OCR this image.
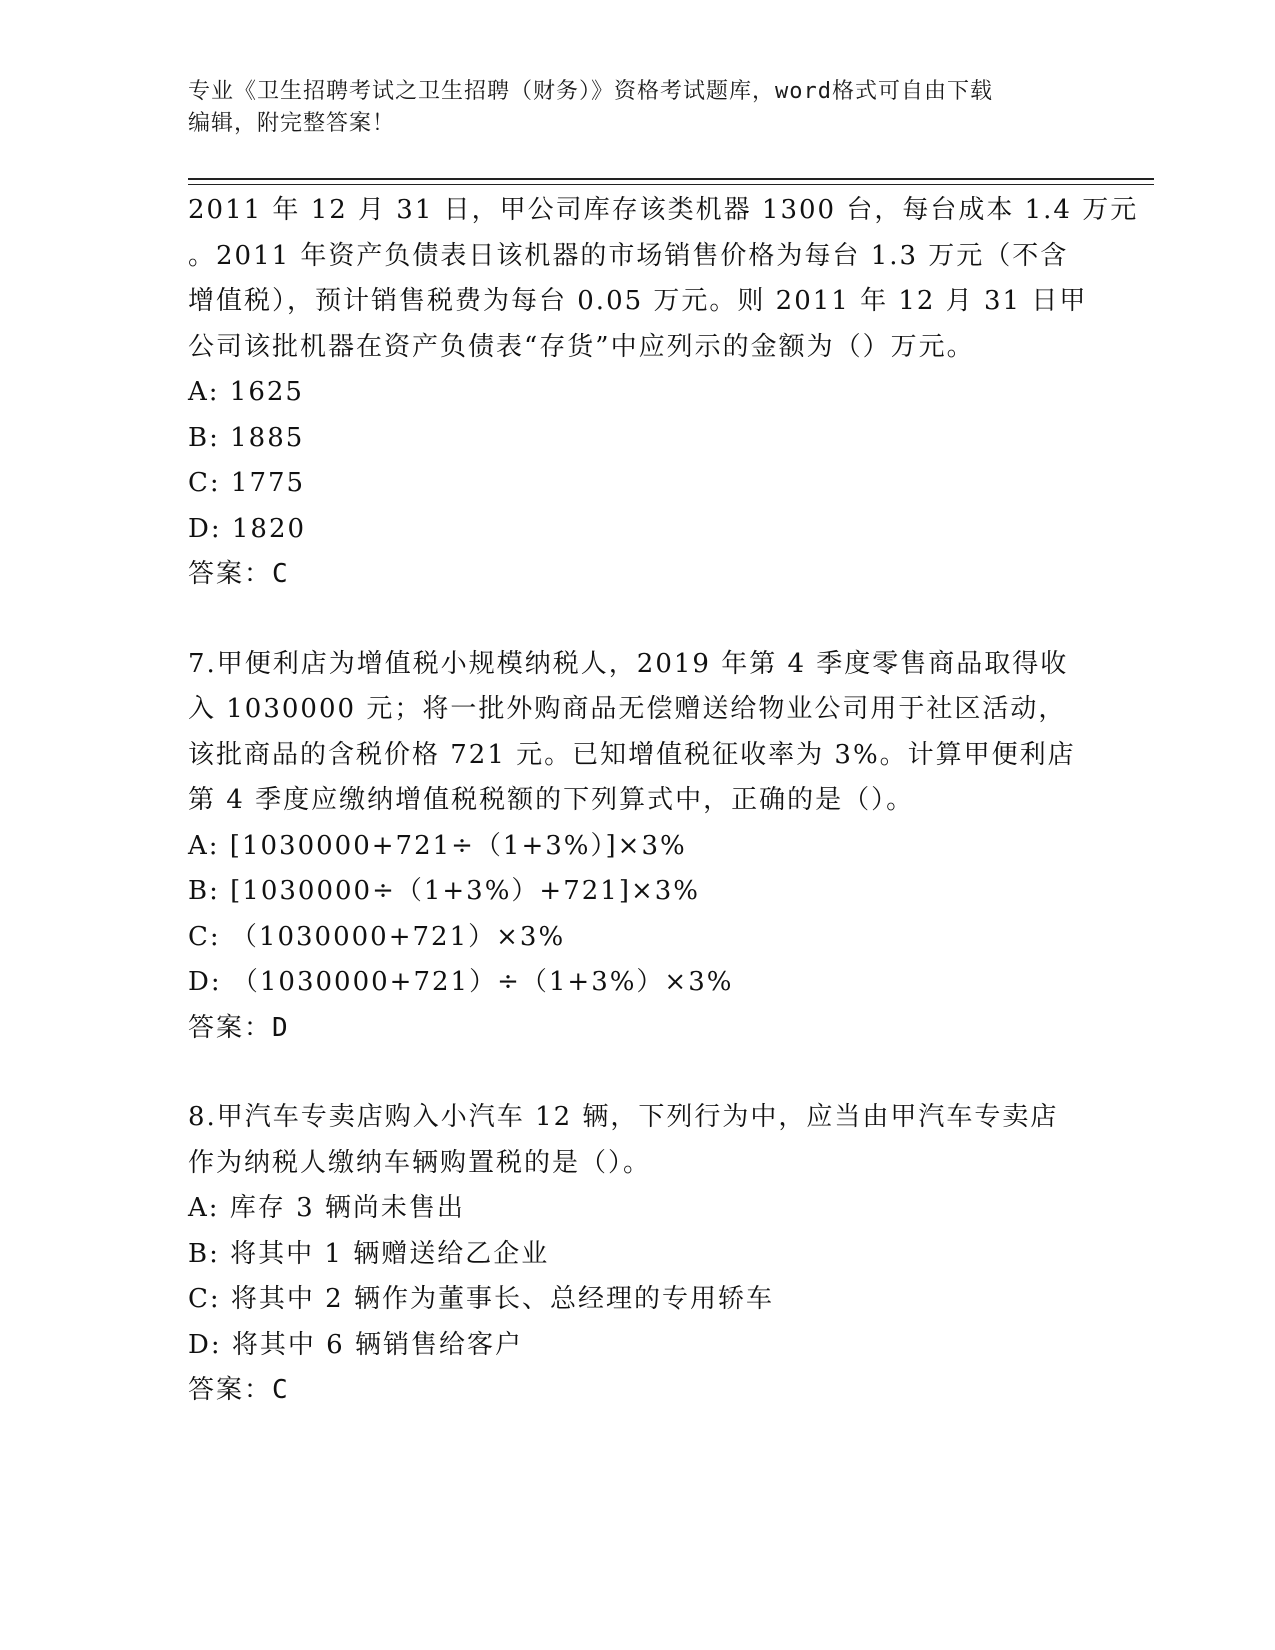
专业《卫生招聘考试之卫生招聘（财务）》资格考试题库，word格式可自由下载
编辑，附完整答案！
2011 年 12 月 31 日，甲公司库存该类机器 1300 台，每台成本 1.4 万元
。2011 年资产负债表日该机器的市场销售价格为每台 1.3 万元（不含
增值税），预计销售税费为每台 0.05 万元。则 2011 年 12 月 31 日甲
公司该批机器在资产负债表“存货”中应列示的金额为（）万元。
A: 1625
B: 1885
C: 1775
D: 1820
答案：C
7.甲便利店为增值税小规模纳税人，2019 年第 4 季度零售商品取得收
入 1030000 元；将一批外购商品无偿赠送给物业公司用于社区活动，
该批商品的含税价格 721 元。已知增值税征收率为 3%。计算甲便利店
第 4 季度应缴纳增值税税额的下列算式中，正确的是（）。
A: [1030000+721÷（1+3%）]×3%
B: [1030000÷（1+3%）+721]×3%
C: （1030000+721）×3%
D: （1030000+721）÷（1+3%）×3%
答案：D
8.甲汽车专卖店购入小汽车 12 辆，下列行为中，应当由甲汽车专卖店
作为纳税人缴纳车辆购置税的是（）。
A: 库存 3 辆尚未售出
B: 将其中 1 辆赠送给乙企业
C: 将其中 2 辆作为董事长、总经理的专用轿车
D: 将其中 6 辆销售给客户
答案：C
